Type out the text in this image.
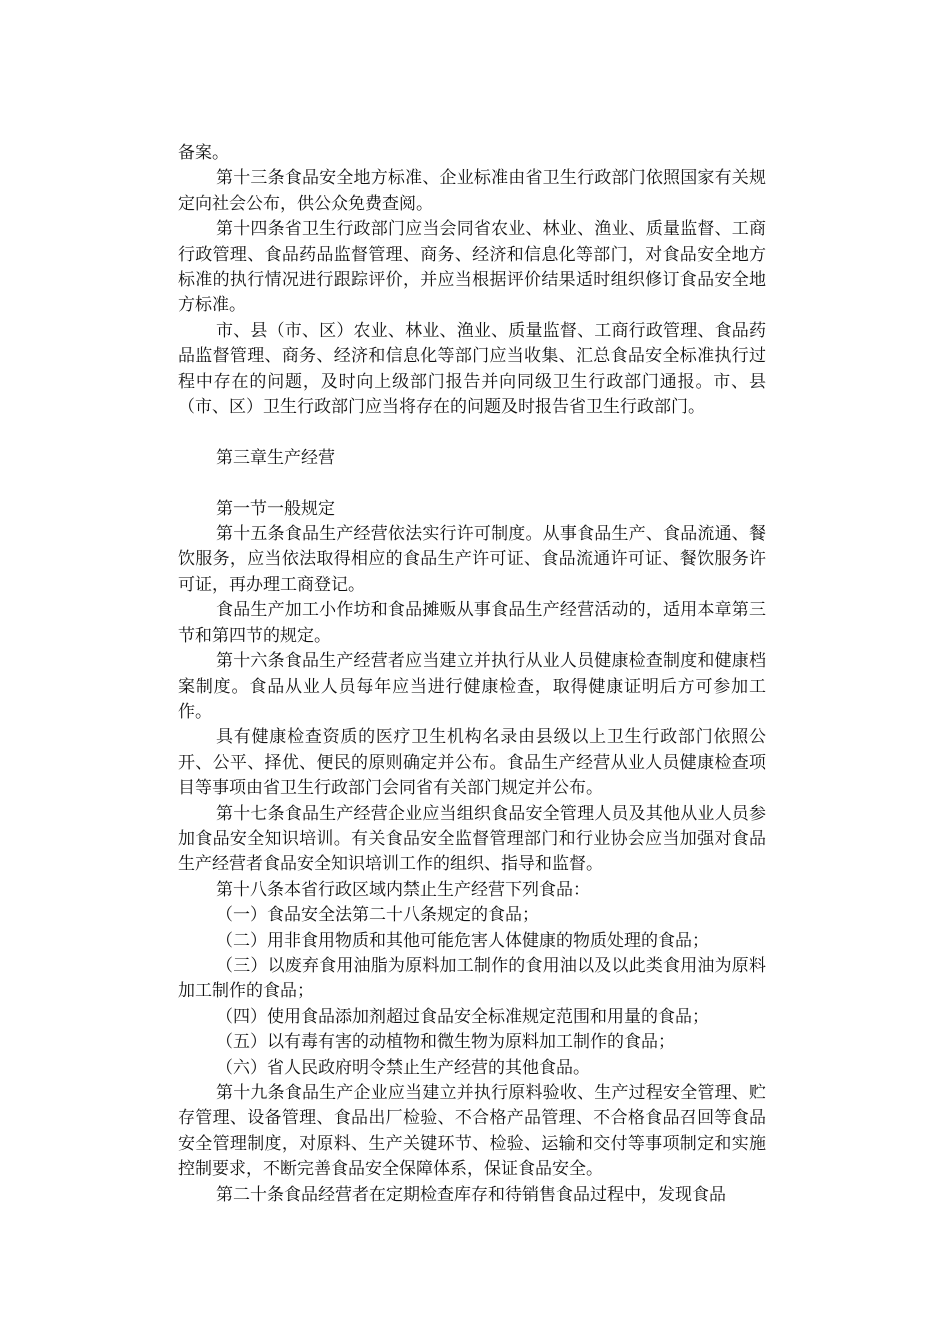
备案。

第十三条食品安全地方标准、企业标准由省卫生行政部门依照国家有关规定向社会公布，供公众免费查阅。

第十四条省卫生行政部门应当会同省农业、林业、渔业、质量监督、工商行政管理、食品药品监督管理、商务、经济和信息化等部门，对食品安全地方标准的执行情况进行跟踪评价，并应当根据评价结果适时组织修订食品安全地方标准。

市、县（市、区）农业、林业、渔业、质量监督、工商行政管理、食品药品监督管理、商务、经济和信息化等部门应当收集、汇总食品安全标准执行过程中存在的问题，及时向上级部门报告并向同级卫生行政部门通报。市、县（市、区）卫生行政部门应当将存在的问题及时报告省卫生行政部门。

第三章生产经营

第一节一般规定

第十五条食品生产经营依法实行许可制度。从事食品生产、食品流通、餐饮服务，应当依法取得相应的食品生产许可证、食品流通许可证、餐饮服务许可证，再办理工商登记。

食品生产加工小作坊和食品摊贩从事食品生产经营活动的，适用本章第三节和第四节的规定。

第十六条食品生产经营者应当建立并执行从业人员健康检查制度和健康档案制度。食品从业人员每年应当进行健康检查，取得健康证明后方可参加工作。

具有健康检查资质的医疗卫生机构名录由县级以上卫生行政部门依照公开、公平、择优、便民的原则确定并公布。食品生产经营从业人员健康检查项目等事项由省卫生行政部门会同省有关部门规定并公布。

第十七条食品生产经营企业应当组织食品安全管理人员及其他从业人员参加食品安全知识培训。有关食品安全监督管理部门和行业协会应当加强对食品生产经营者食品安全知识培训工作的组织、指导和监督。

第十八条本省行政区域内禁止生产经营下列食品：

（一）食品安全法第二十八条规定的食品；

（二）用非食用物质和其他可能危害人体健康的物质处理的食品；

（三）以废弃食用油脂为原料加工制作的食用油以及以此类食用油为原料加工制作的食品；

（四）使用食品添加剂超过食品安全标准规定范围和用量的食品；

（五）以有毒有害的动植物和微生物为原料加工制作的食品；

（六）省人民政府明令禁止生产经营的其他食品。

第十九条食品生产企业应当建立并执行原料验收、生产过程安全管理、贮存管理、设备管理、食品出厂检验、不合格产品管理、不合格食品召回等食品安全管理制度，对原料、生产关键环节、检验、运输和交付等事项制定和实施控制要求，不断完善食品安全保障体系，保证食品安全。

第二十条食品经营者在定期检查库存和待销售食品过程中，发现食品
